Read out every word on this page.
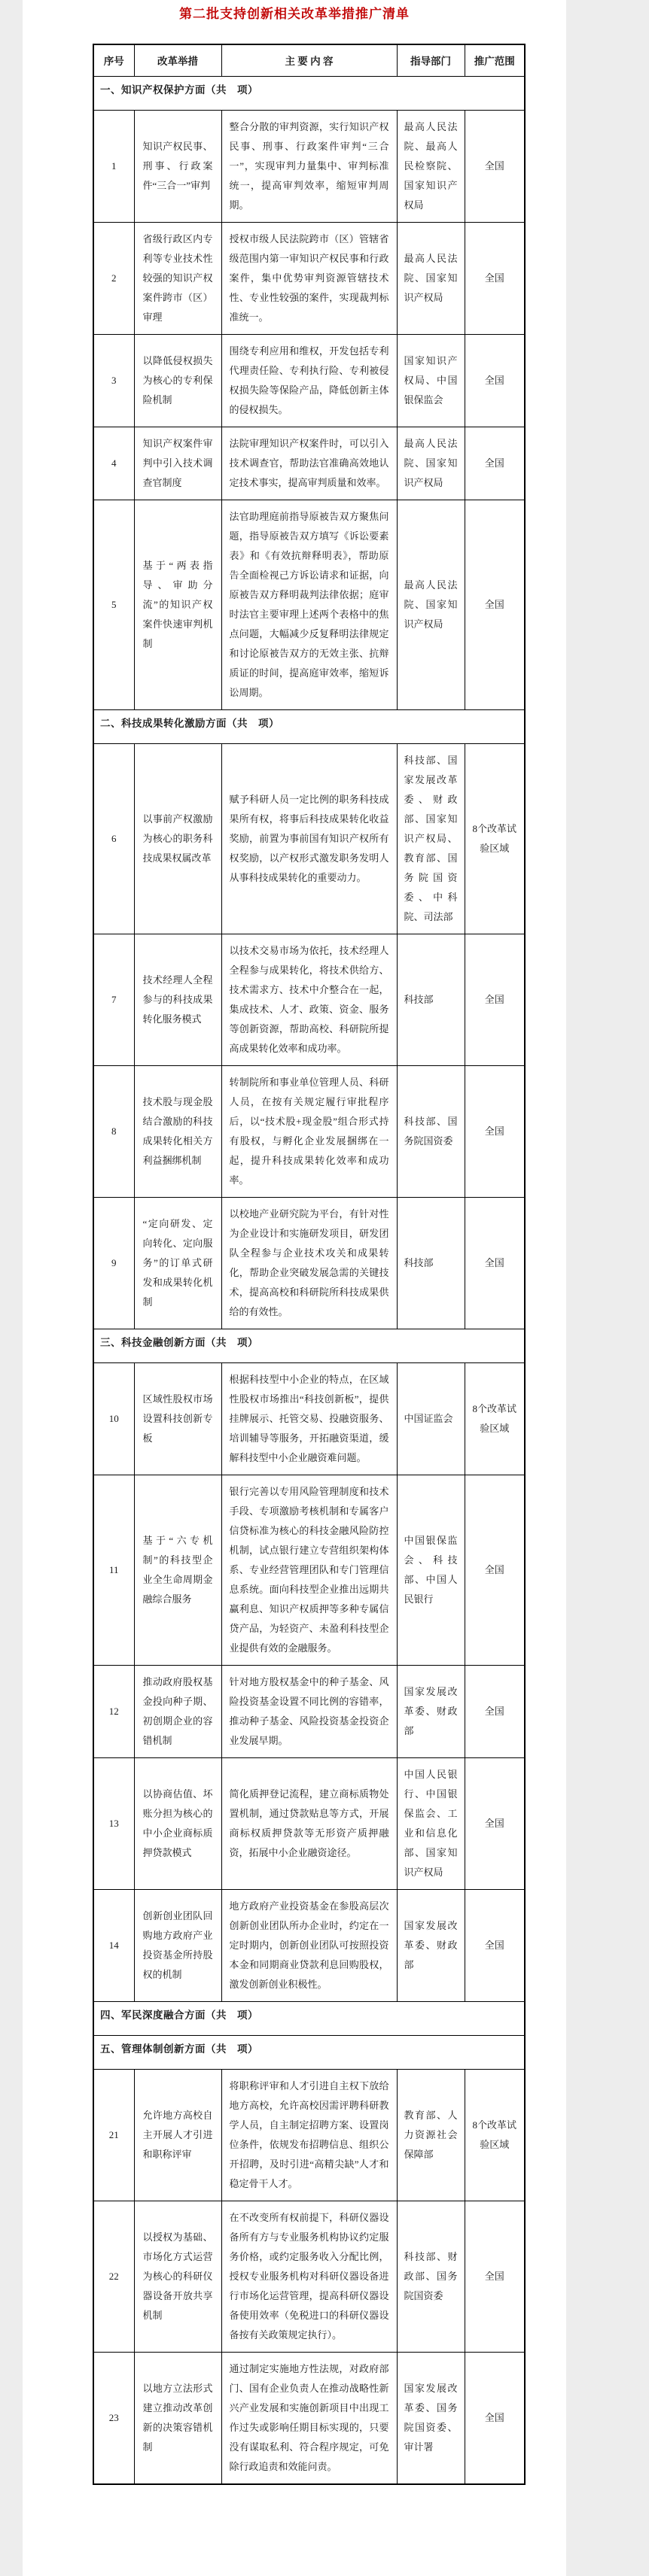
第二批支持创新相关改革举措推广清单
序号	改革举措	主 要 内 容	指导部门	推广范围
一、知识产权保护方面（共　项）				
1	知识产权民事、刑事、行政案件“三合一”审判	整合分散的审判资源，实行知识产权民事、刑事、行政案件审判“三合一”，实现审判力量集中、审判标准统一，提高审判效率，缩短审判周期。	最高人民法院、最高人民检察院、国家知识产权局	全国
2	省级行政区内专利等专业技术性较强的知识产权案件跨市（区）审理	授权市级人民法院跨市（区）管辖省级范围内第一审知识产权民事和行政案件，集中优势审判资源管辖技术性、专业性较强的案件，实现裁判标准统一。	最高人民法院、国家知识产权局	全国
3	以降低侵权损失为核心的专利保险机制	围绕专利应用和维权，开发包括专利代理责任险、专利执行险、专利被侵权损失险等保险产品，降低创新主体的侵权损失。	国家知识产权局、中国银保监会	全国
4	知识产权案件审判中引入技术调查官制度	法院审理知识产权案件时，可以引入技术调查官，帮助法官准确高效地认定技术事实，提高审判质量和效率。	最高人民法院、国家知识产权局	全国
5	基于“两表指导、审助分流”的知识产权案件快速审判机制	法官助理庭前指导原被告双方聚焦问题，指导原被告双方填写《诉讼要素表》和《有效抗辩释明表》，帮助原告全面检视己方诉讼请求和证据，向原被告双方释明裁判法律依据；庭审时法官主要审理上述两个表格中的焦点问题，大幅减少反复释明法律规定和讨论原被告双方的无效主张、抗辩质证的时间，提高庭审效率，缩短诉讼周期。	最高人民法院、国家知识产权局	全国
二、科技成果转化激励方面（共　项）				
6	以事前产权激励为核心的职务科技成果权属改革	赋予科研人员一定比例的职务科技成果所有权，将事后科技成果转化收益奖励，前置为事前国有知识产权所有权奖励，以产权形式激发职务发明人从事科技成果转化的重要动力。	科技部、国家发展改革委、财政部、国家知识产权局、教育部、国务院国资委、中科院、司法部	8个改革试验区域
7	技术经理人全程参与的科技成果转化服务模式	以技术交易市场为依托，技术经理人全程参与成果转化，将技术供给方、技术需求方、技术中介整合在一起，集成技术、人才、政策、资金、服务等创新资源，帮助高校、科研院所提高成果转化效率和成功率。	科技部	全国
8	技术股与现金股结合激励的科技成果转化相关方利益捆绑机制	转制院所和事业单位管理人员、科研人员，在按有关规定履行审批程序后，以“技术股+现金股”组合形式持有股权，与孵化企业发展捆绑在一起，提升科技成果转化效率和成功率。	科技部、国务院国资委	全国
9	“定向研发、定向转化、定向服务”的订单式研发和成果转化机制	以校地产业研究院为平台，有针对性为企业设计和实施研发项目，研发团队全程参与企业技术攻关和成果转化，帮助企业突破发展急需的关键技术，提高高校和科研院所科技成果供给的有效性。	科技部	全国
三、科技金融创新方面（共　项）				
10	区域性股权市场设置科技创新专板	根据科技型中小企业的特点，在区域性股权市场推出“科技创新板”，提供挂牌展示、托管交易、投融资服务、培训辅导等服务，开拓融资渠道，缓解科技型中小企业融资难问题。	中国证监会	8个改革试验区域
11	基于“六专机制”的科技型企业全生命周期金融综合服务	银行完善以专用风险管理制度和技术手段、专项激励考核机制和专属客户信贷标准为核心的科技金融风险防控机制，试点银行建立专营组织架构体系、专业经营管理团队和专门管理信息系统。面向科技型企业推出远期共赢利息、知识产权质押等多种专属信贷产品，为轻资产、未盈利科技型企业提供有效的金融服务。	中国银保监会、科技部、中国人民银行	全国
12	推动政府股权基金投向种子期、初创期企业的容错机制	针对地方股权基金中的种子基金、风险投资基金设置不同比例的容错率，推动种子基金、风险投资基金投资企业发展早期。	国家发展改革委、财政部	全国
13	以协商估值、坏账分担为核心的中小企业商标质押贷款模式	简化质押登记流程，建立商标质物处置机制，通过贷款贴息等方式，开展商标权质押贷款等无形资产质押融资，拓展中小企业融资途径。	中国人民银行、中国银保监会、工业和信息化部、国家知识产权局	全国
14	创新创业团队回购地方政府产业投资基金所持股权的机制	地方政府产业投资基金在参股高层次创新创业团队所办企业时，约定在一定时期内，创新创业团队可按照投资本金和同期商业贷款利息回购股权，激发创新创业积极性。	国家发展改革委、财政部	全国
四、军民深度融合方面（共　项）				
五、管理体制创新方面（共　项）				
21	允许地方高校自主开展人才引进和职称评审	将职称评审和人才引进自主权下放给地方高校，允许高校因需评聘科研教学人员，自主制定招聘方案、设置岗位条件，依规发布招聘信息、组织公开招聘，及时引进“高精尖缺”人才和稳定骨干人才。	教育部、人力资源社会保障部	8个改革试验区域
22	以授权为基础、市场化方式运营为核心的科研仪器设备开放共享机制	在不改变所有权前提下，科研仪器设备所有方与专业服务机构协议约定服务价格，或约定服务收入分配比例，授权专业服务机构对科研仪器设备进行市场化运营管理，提高科研仪器设备使用效率（免税进口的科研仪器设备按有关政策规定执行）。	科技部、财政部、国务院国资委	全国
23	以地方立法形式建立推动改革创新的决策容错机制	通过制定实施地方性法规，对政府部门、国有企业负责人在推动战略性新兴产业发展和实施创新项目中出现工作过失或影响任期目标实现的，只要没有谋取私利、符合程序规定，可免除行政追责和效能问责。	国家发展改革委、国务院国资委、审计署	全国
